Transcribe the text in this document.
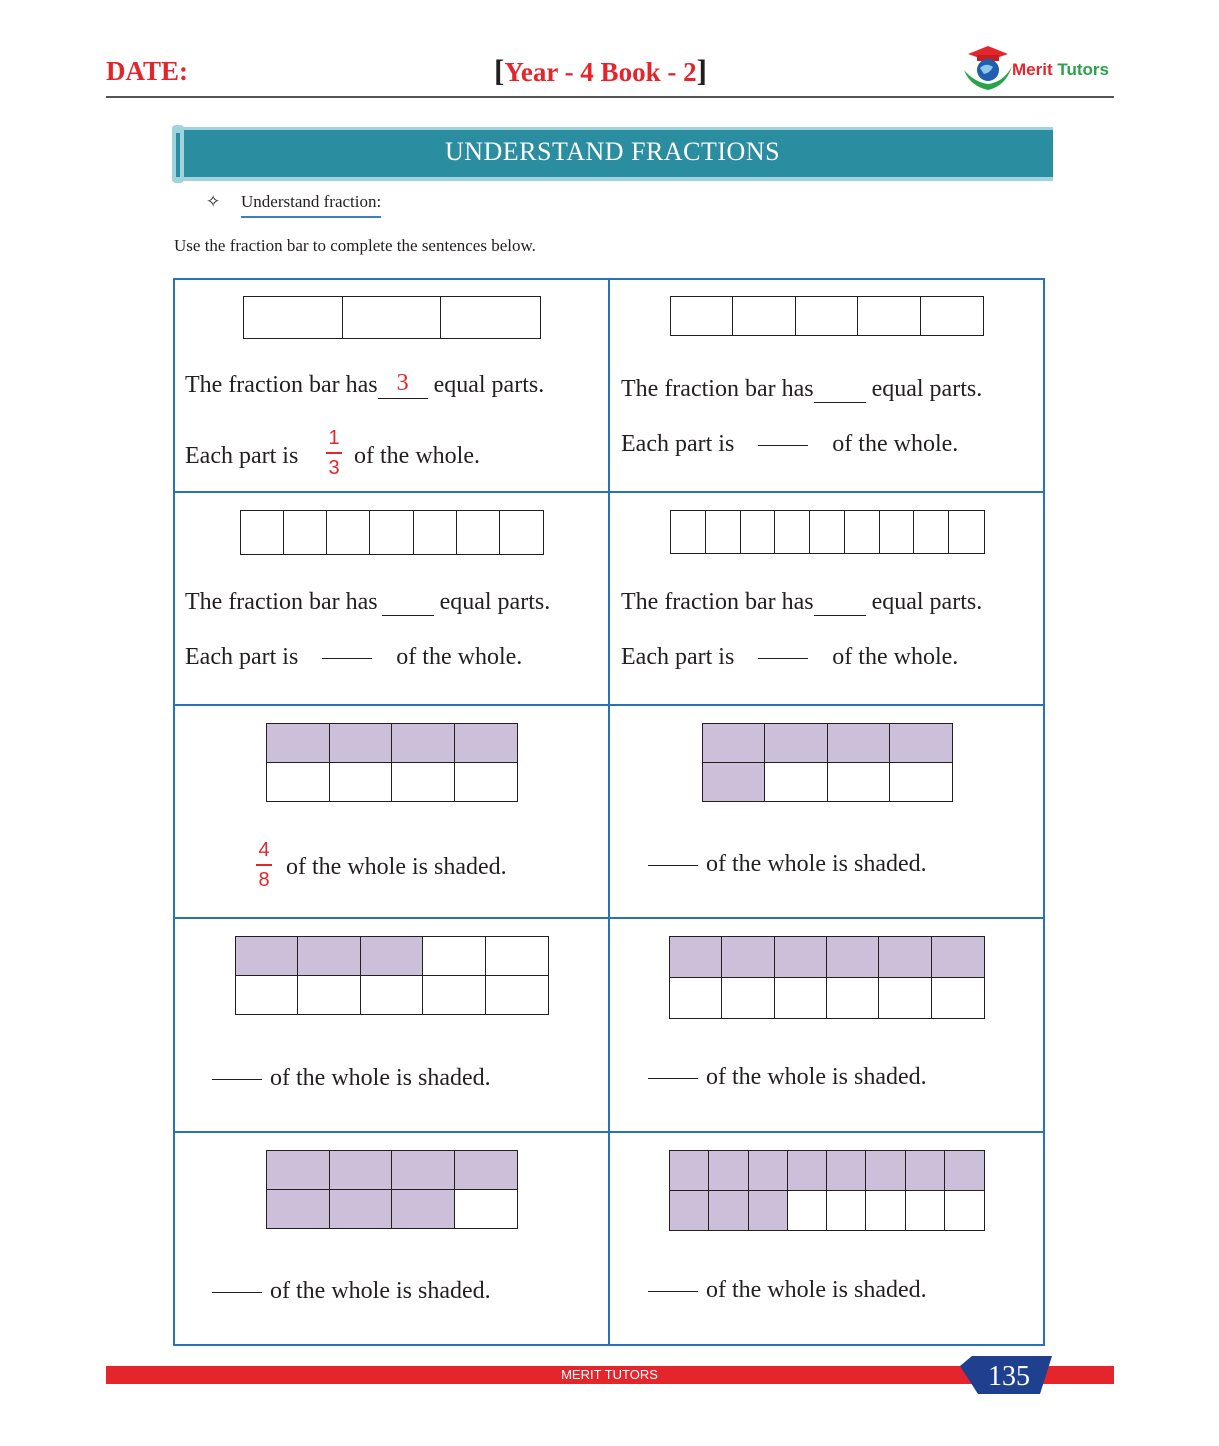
DATE:	[Year - 4 Book - 2]	Merit Tutors
UNDERSTAND FRACTIONS
✧ Understand fraction:
Use the fraction bar to complete the sentences below.
The fraction bar has 3 equal parts.
Each part is
1
3 of the whole.
The fraction bar has equal parts.
Each part is	of the whole.
The fraction bar has	equal parts.
Each part is	of the whole.
The fraction bar has equal parts.
Each part is	of the whole.
4
8 of the whole is shaded.	of the whole is shaded.
of the whole is shaded.	of the whole is shaded.
of the whole is shaded.	of the whole is shaded.
MERIT TUTORS	135
